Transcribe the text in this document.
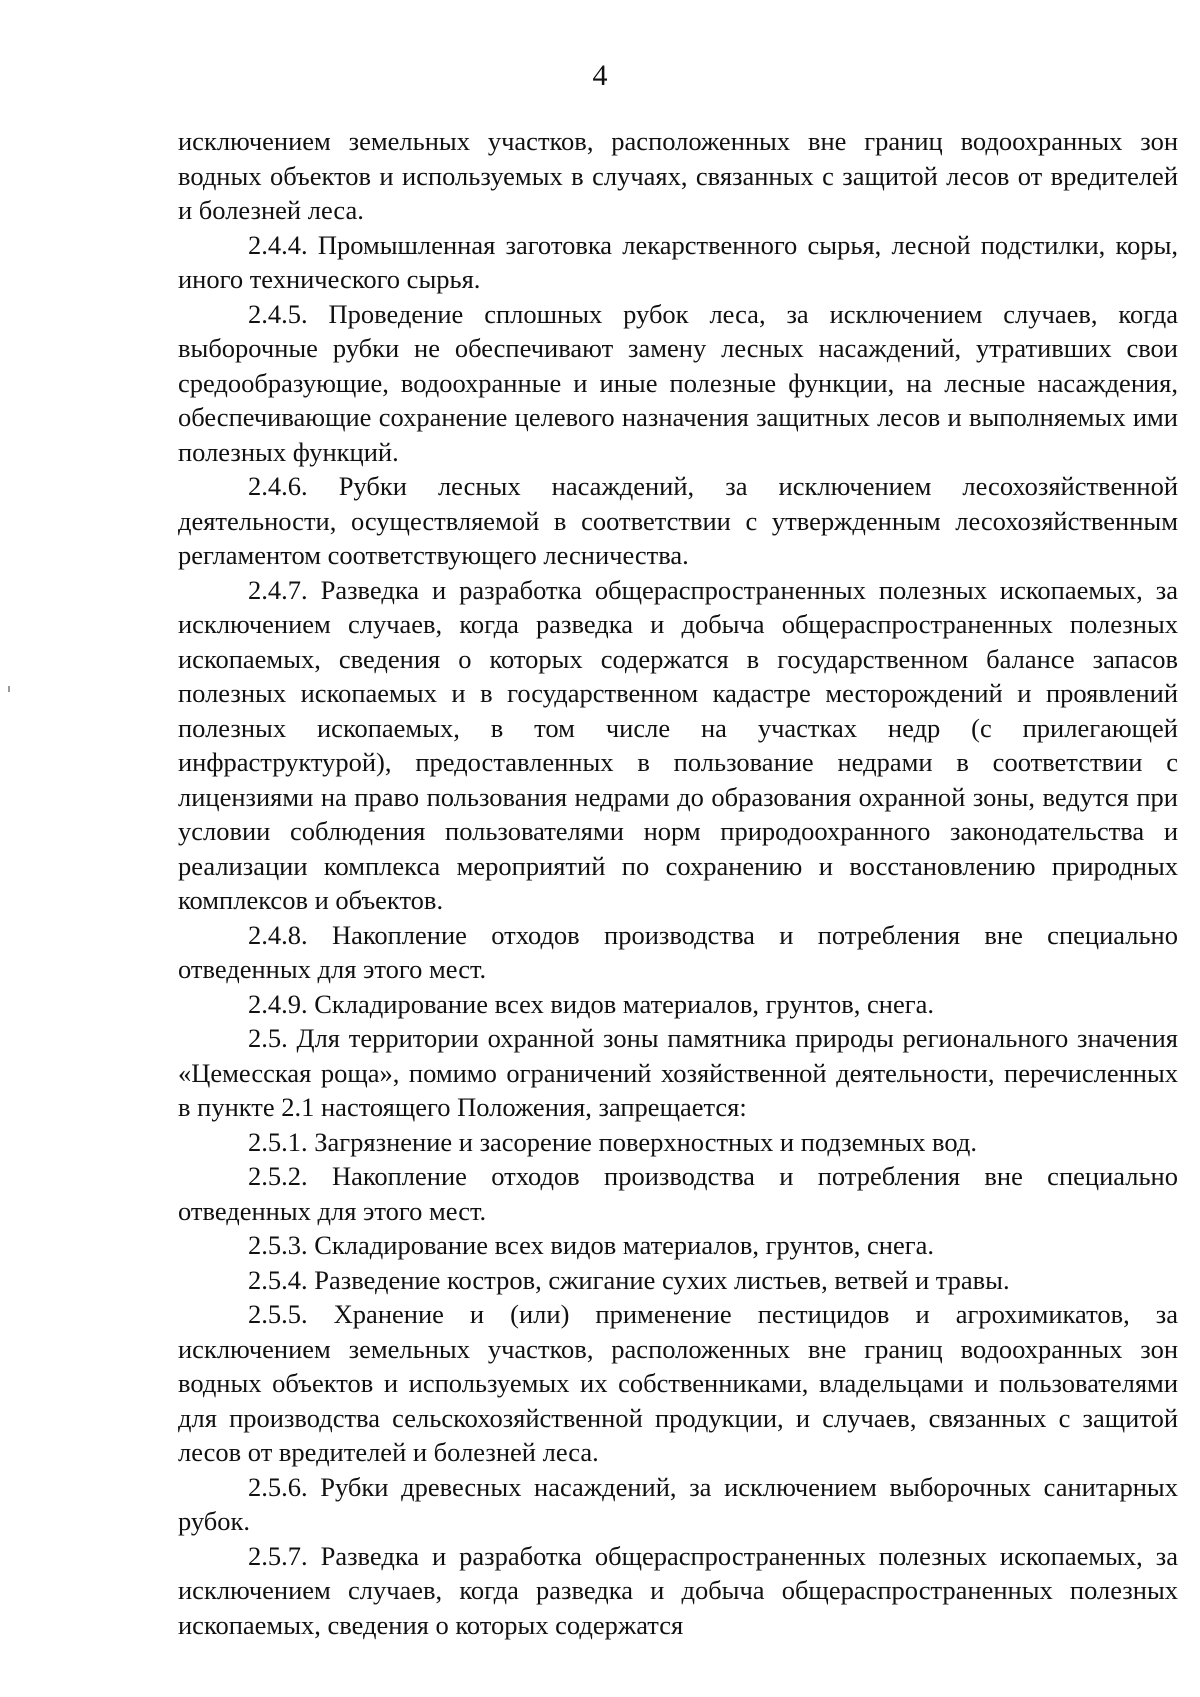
4

исключением земельных участков, расположенных вне границ водоохранных зон водных объектов и используемых в случаях, связанных с защитой лесов от вредителей и болезней леса.

2.4.4. Промышленная заготовка лекарственного сырья, лесной подстилки, коры, иного технического сырья.

2.4.5. Проведение сплошных рубок леса, за исключением случаев, когда выборочные рубки не обеспечивают замену лесных насаждений, утративших свои средообразующие, водоохранные и иные полезные функции, на лесные насаждения, обеспечивающие сохранение целевого назначения защитных лесов и выполняемых ими полезных функций.

2.4.6. Рубки лесных насаждений, за исключением лесохозяйственной деятельности, осуществляемой в соответствии с утвержденным лесохозяйственным регламентом соответствующего лесничества.

2.4.7. Разведка и разработка общераспространенных полезных ископаемых, за исключением случаев, когда разведка и добыча общераспространенных полезных ископаемых, сведения о которых содержатся в государственном балансе запасов полезных ископаемых и в государственном кадастре месторождений и проявлений полезных ископаемых, в том числе на участках недр (с прилегающей инфраструктурой), предоставленных в пользование недрами в соответствии с лицензиями на право пользования недрами до образования охранной зоны, ведутся при условии соблюдения пользователями норм природоохранного законодательства и реализации комплекса мероприятий по сохранению и восстановлению природных комплексов и объектов.

2.4.8. Накопление отходов производства и потребления вне специально отведенных для этого мест.

2.4.9. Складирование всех видов материалов, грунтов, снега.

2.5. Для территории охранной зоны памятника природы регионального значения «Цемесская роща», помимо ограничений хозяйственной деятельности, перечисленных в пункте 2.1 настоящего Положения, запрещается:

2.5.1. Загрязнение и засорение поверхностных и подземных вод.

2.5.2. Накопление отходов производства и потребления вне специально отведенных для этого мест.

2.5.3. Складирование всех видов материалов, грунтов, снега.

2.5.4. Разведение костров, сжигание сухих листьев, ветвей и травы.

2.5.5. Хранение и (или) применение пестицидов и агрохимикатов, за исключением земельных участков, расположенных вне границ водоохранных зон водных объектов и используемых их собственниками, владельцами и пользователями для производства сельскохозяйственной продукции, и случаев, связанных с защитой лесов от вредителей и болезней леса.

2.5.6. Рубки древесных насаждений, за исключением выборочных санитарных рубок.

2.5.7. Разведка и разработка общераспространенных полезных ископаемых, за исключением случаев, когда разведка и добыча общераспространенных полезных ископаемых, сведения о которых содержатся
